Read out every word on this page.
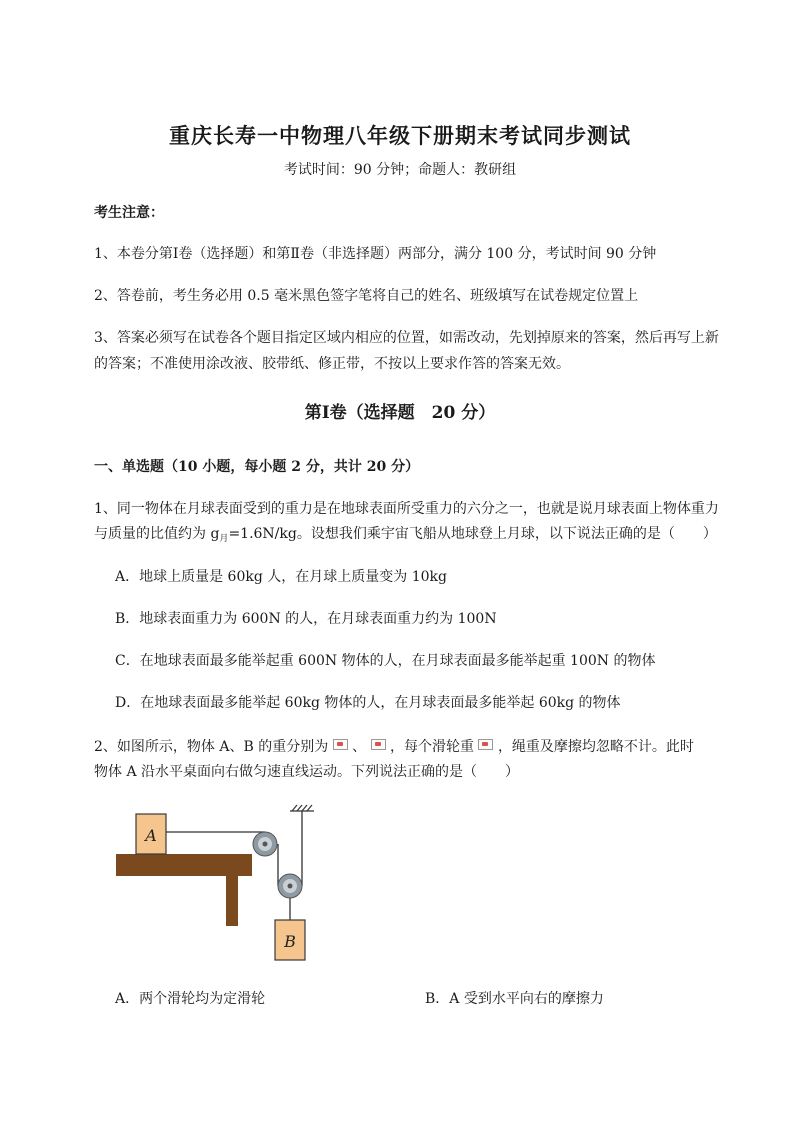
重庆长寿一中物理八年级下册期末考试同步测试
考试时间：90 分钟；命题人：教研组
考生注意：
1、本卷分第Ⅰ卷（选择题）和第Ⅱ卷（非选择题）两部分，满分 100 分，考试时间 90 分钟
2、答卷前，考生务必用 0.5 毫米黑色签字笔将自己的姓名、班级填写在试卷规定位置上
3、答案必须写在试卷各个题目指定区域内相应的位置，如需改动，先划掉原来的答案，然后再写上新
的答案；不准使用涂改液、胶带纸、修正带，不按以上要求作答的答案无效。
第Ⅰ卷（选择题　20 分）
一、单选题（10 小题，每小题 2 分，共计 20 分）
1、同一物体在月球表面受到的重力是在地球表面所受重力的六分之一，也就是说月球表面上物体重力
与质量的比值约为 $g_月=1.6N/kg$。设想我们乘宇宙飞船从地球登上月球，以下说法正确的是（　　）
A．地球上质量是 60kg 人，在月球上质量变为 10kg
B．地球表面重力为 600N 的人，在月球表面重力约为 100N
C．在地球表面最多能举起重 600N 物体的人，在月球表面最多能举起重 100N 的物体
D．在地球表面最多能举起 60kg 物体的人，在月球表面最多能举起 60kg 的物体
2、如图所示，物体 A、B 的重分别为 、 ，每个滑轮重 ，绳重及摩擦均忽略不计。此时
物体 A 沿水平桌面向右做匀速直线运动。下列说法正确的是（　　）
A
B
A．两个滑轮均为定滑轮	B．A 受到水平向右的摩擦力
